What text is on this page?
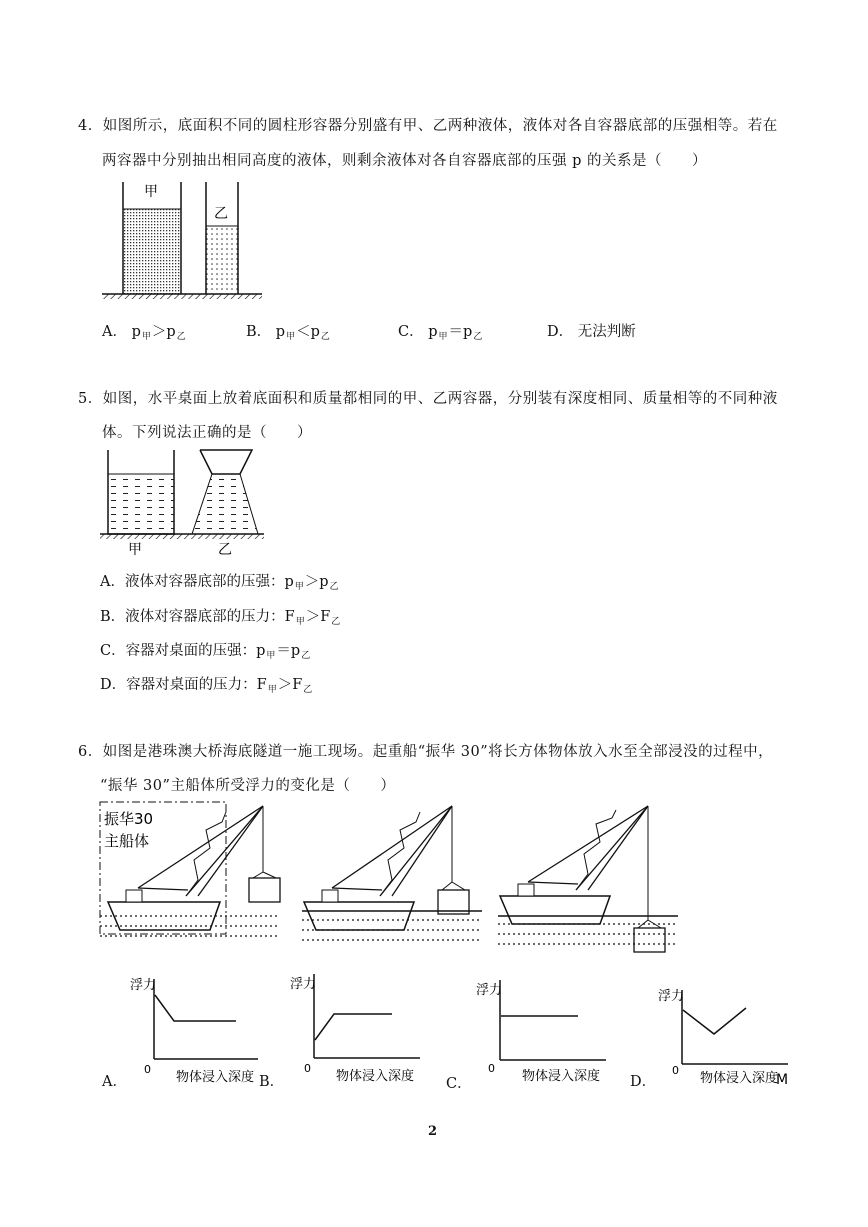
4．如图所示，底面积不同的圆柱形容器分别盛有甲、乙两种液体，液体对各自容器底部的压强相等。若在
两容器中分别抽出相同高度的液体，则剩余液体对各自容器底部的压强 p 的关系是（　　）
甲
乙
A． $p_甲>p_乙$	B． $p_甲<p_乙$	C． $p_甲=p_乙$	D． 无法判断
5．如图，水平桌面上放着底面积和质量都相同的甲、乙两容器，分别装有深度相同、质量相等的不同种液
体。下列说法正确的是（　　）
甲	乙
A．液体对容器底部的压强：$p_甲>p_乙$
B．液体对容器底部的压力：$F_甲>F_乙$
C．容器对桌面的压强：$p_甲=p_乙$
D．容器对桌面的压力：$F_甲>F_乙$
6．如图是港珠澳大桥海底隧道一施工现场。起重船“振华 30”将长方体物体放入水至全部浸没的过程中，
“振华 30”主船体所受浮力的变化是（　　）
振华30
主船体
浮力
0
物体浸入深度
A．
浮力
0
物体浸入深度
B．
浮力
0
物体浸入深度
C．
浮力
0
物体浸入深度
M
D．
2
